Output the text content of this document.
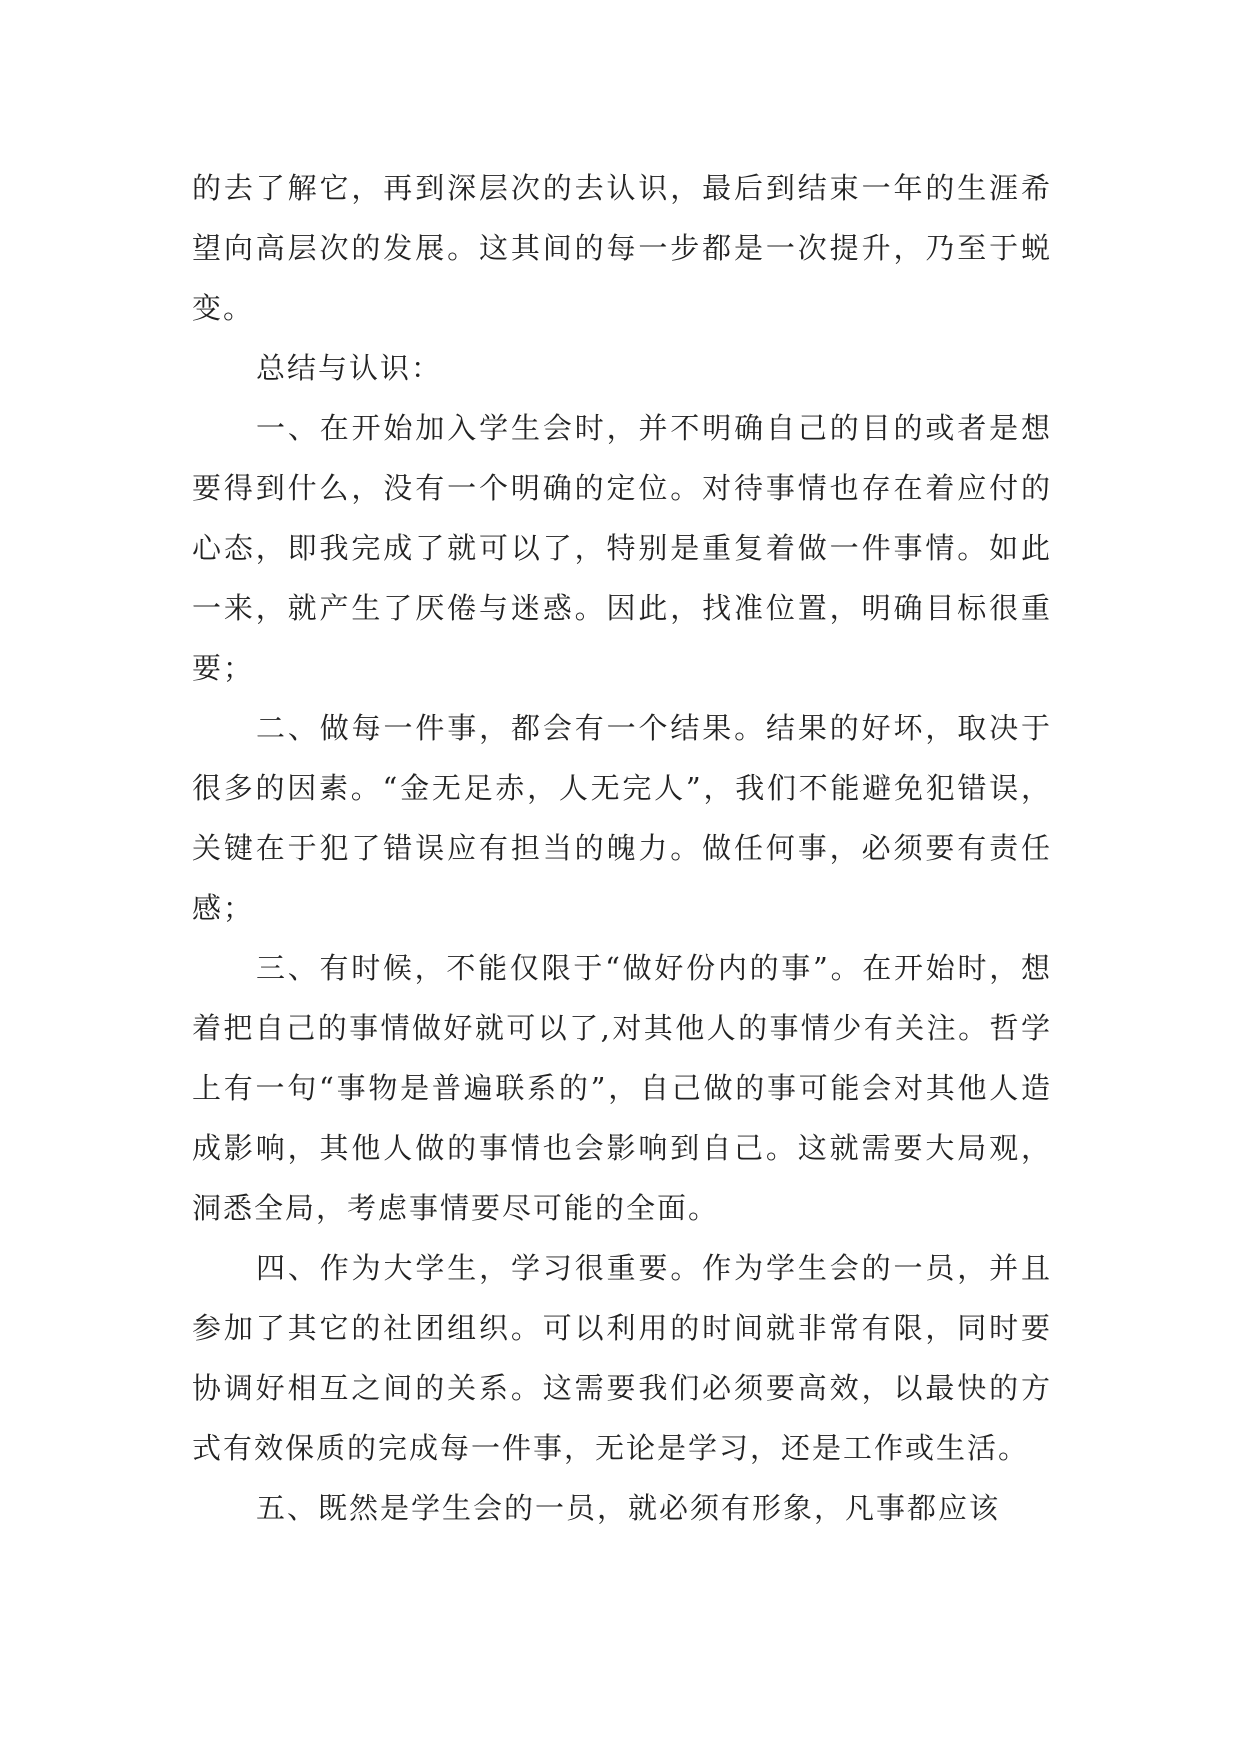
的去了解它，再到深层次的去认识，最后到结束一年的生涯希望向高层次的发展。这其间的每一步都是一次提升，乃至于蜕变。

总结与认识：

一、在开始加入学生会时，并不明确自己的目的或者是想要得到什么，没有一个明确的定位。对待事情也存在着应付的心态，即我完成了就可以了，特别是重复着做一件事情。如此一来，就产生了厌倦与迷惑。因此，找准位置，明确目标很重要；

二、做每一件事，都会有一个结果。结果的好坏，取决于很多的因素。“金无足赤，人无完人”，我们不能避免犯错误，关键在于犯了错误应有担当的魄力。做任何事，必须要有责任感；

三、有时候，不能仅限于“做好份内的事”。在开始时，想着把自己的事情做好就可以了,对其他人的事情少有关注。哲学上有一句“事物是普遍联系的”，自己做的事可能会对其他人造成影响，其他人做的事情也会影响到自己。这就需要大局观，洞悉全局，考虑事情要尽可能的全面。

四、作为大学生，学习很重要。作为学生会的一员，并且参加了其它的社团组织。可以利用的时间就非常有限，同时要协调好相互之间的关系。这需要我们必须要高效，以最快的方式有效保质的完成每一件事，无论是学习，还是工作或生活。

五、既然是学生会的一员，就必须有形象，凡事都应该
